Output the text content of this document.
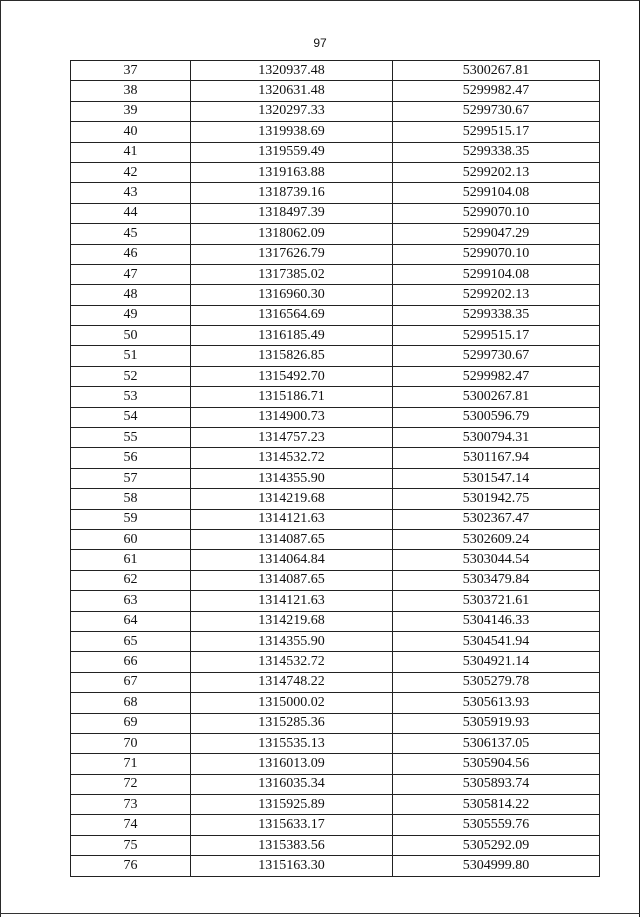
97
37	1320937.48	5300267.81
38	1320631.48	5299982.47
39	1320297.33	5299730.67
40	1319938.69	5299515.17
41	1319559.49	5299338.35
42	1319163.88	5299202.13
43	1318739.16	5299104.08
44	1318497.39	5299070.10
45	1318062.09	5299047.29
46	1317626.79	5299070.10
47	1317385.02	5299104.08
48	1316960.30	5299202.13
49	1316564.69	5299338.35
50	1316185.49	5299515.17
51	1315826.85	5299730.67
52	1315492.70	5299982.47
53	1315186.71	5300267.81
54	1314900.73	5300596.79
55	1314757.23	5300794.31
56	1314532.72	5301167.94
57	1314355.90	5301547.14
58	1314219.68	5301942.75
59	1314121.63	5302367.47
60	1314087.65	5302609.24
61	1314064.84	5303044.54
62	1314087.65	5303479.84
63	1314121.63	5303721.61
64	1314219.68	5304146.33
65	1314355.90	5304541.94
66	1314532.72	5304921.14
67	1314748.22	5305279.78
68	1315000.02	5305613.93
69	1315285.36	5305919.93
70	1315535.13	5306137.05
71	1316013.09	5305904.56
72	1316035.34	5305893.74
73	1315925.89	5305814.22
74	1315633.17	5305559.76
75	1315383.56	5305292.09
76	1315163.30	5304999.80
